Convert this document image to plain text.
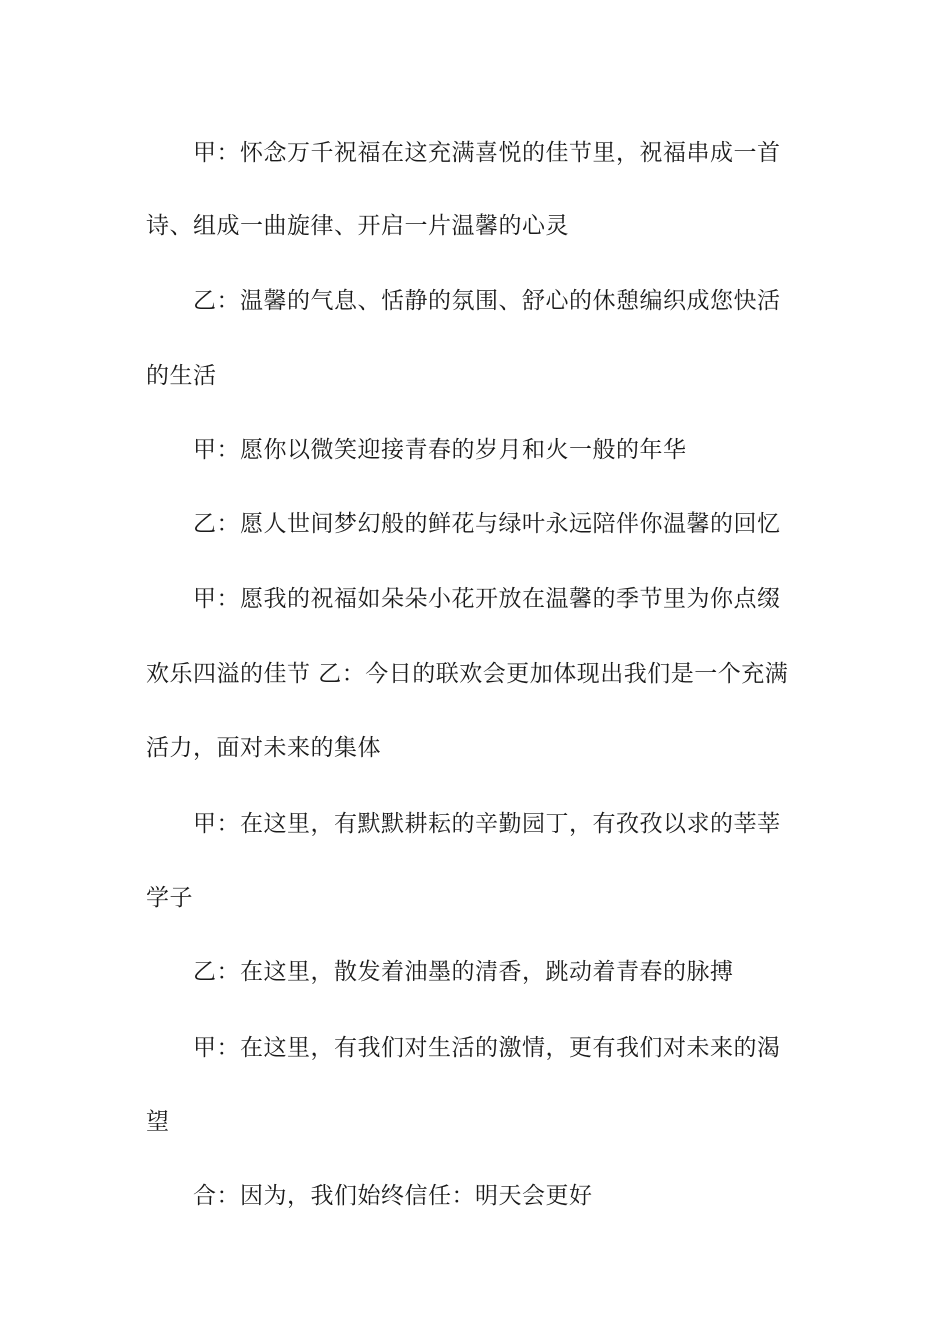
甲：怀念万千祝福在这充满喜悦的佳节里，祝福串成一首
诗、组成一曲旋律、开启一片温馨的心灵
乙：温馨的气息、恬静的氛围、舒心的休憩编织成您快活
的生活
甲：愿你以微笑迎接青春的岁月和火一般的年华
乙：愿人世间梦幻般的鲜花与绿叶永远陪伴你温馨的回忆
甲：愿我的祝福如朵朵小花开放在温馨的季节里为你点缀
欢乐四溢的佳节 乙：今日的联欢会更加体现出我们是一个充满
活力，面对未来的集体
甲：在这里，有默默耕耘的辛勤园丁，有孜孜以求的莘莘
学子
乙：在这里，散发着油墨的清香，跳动着青春的脉搏
甲：在这里，有我们对生活的激情，更有我们对未来的渴
望
合：因为，我们始终信任：明天会更好
